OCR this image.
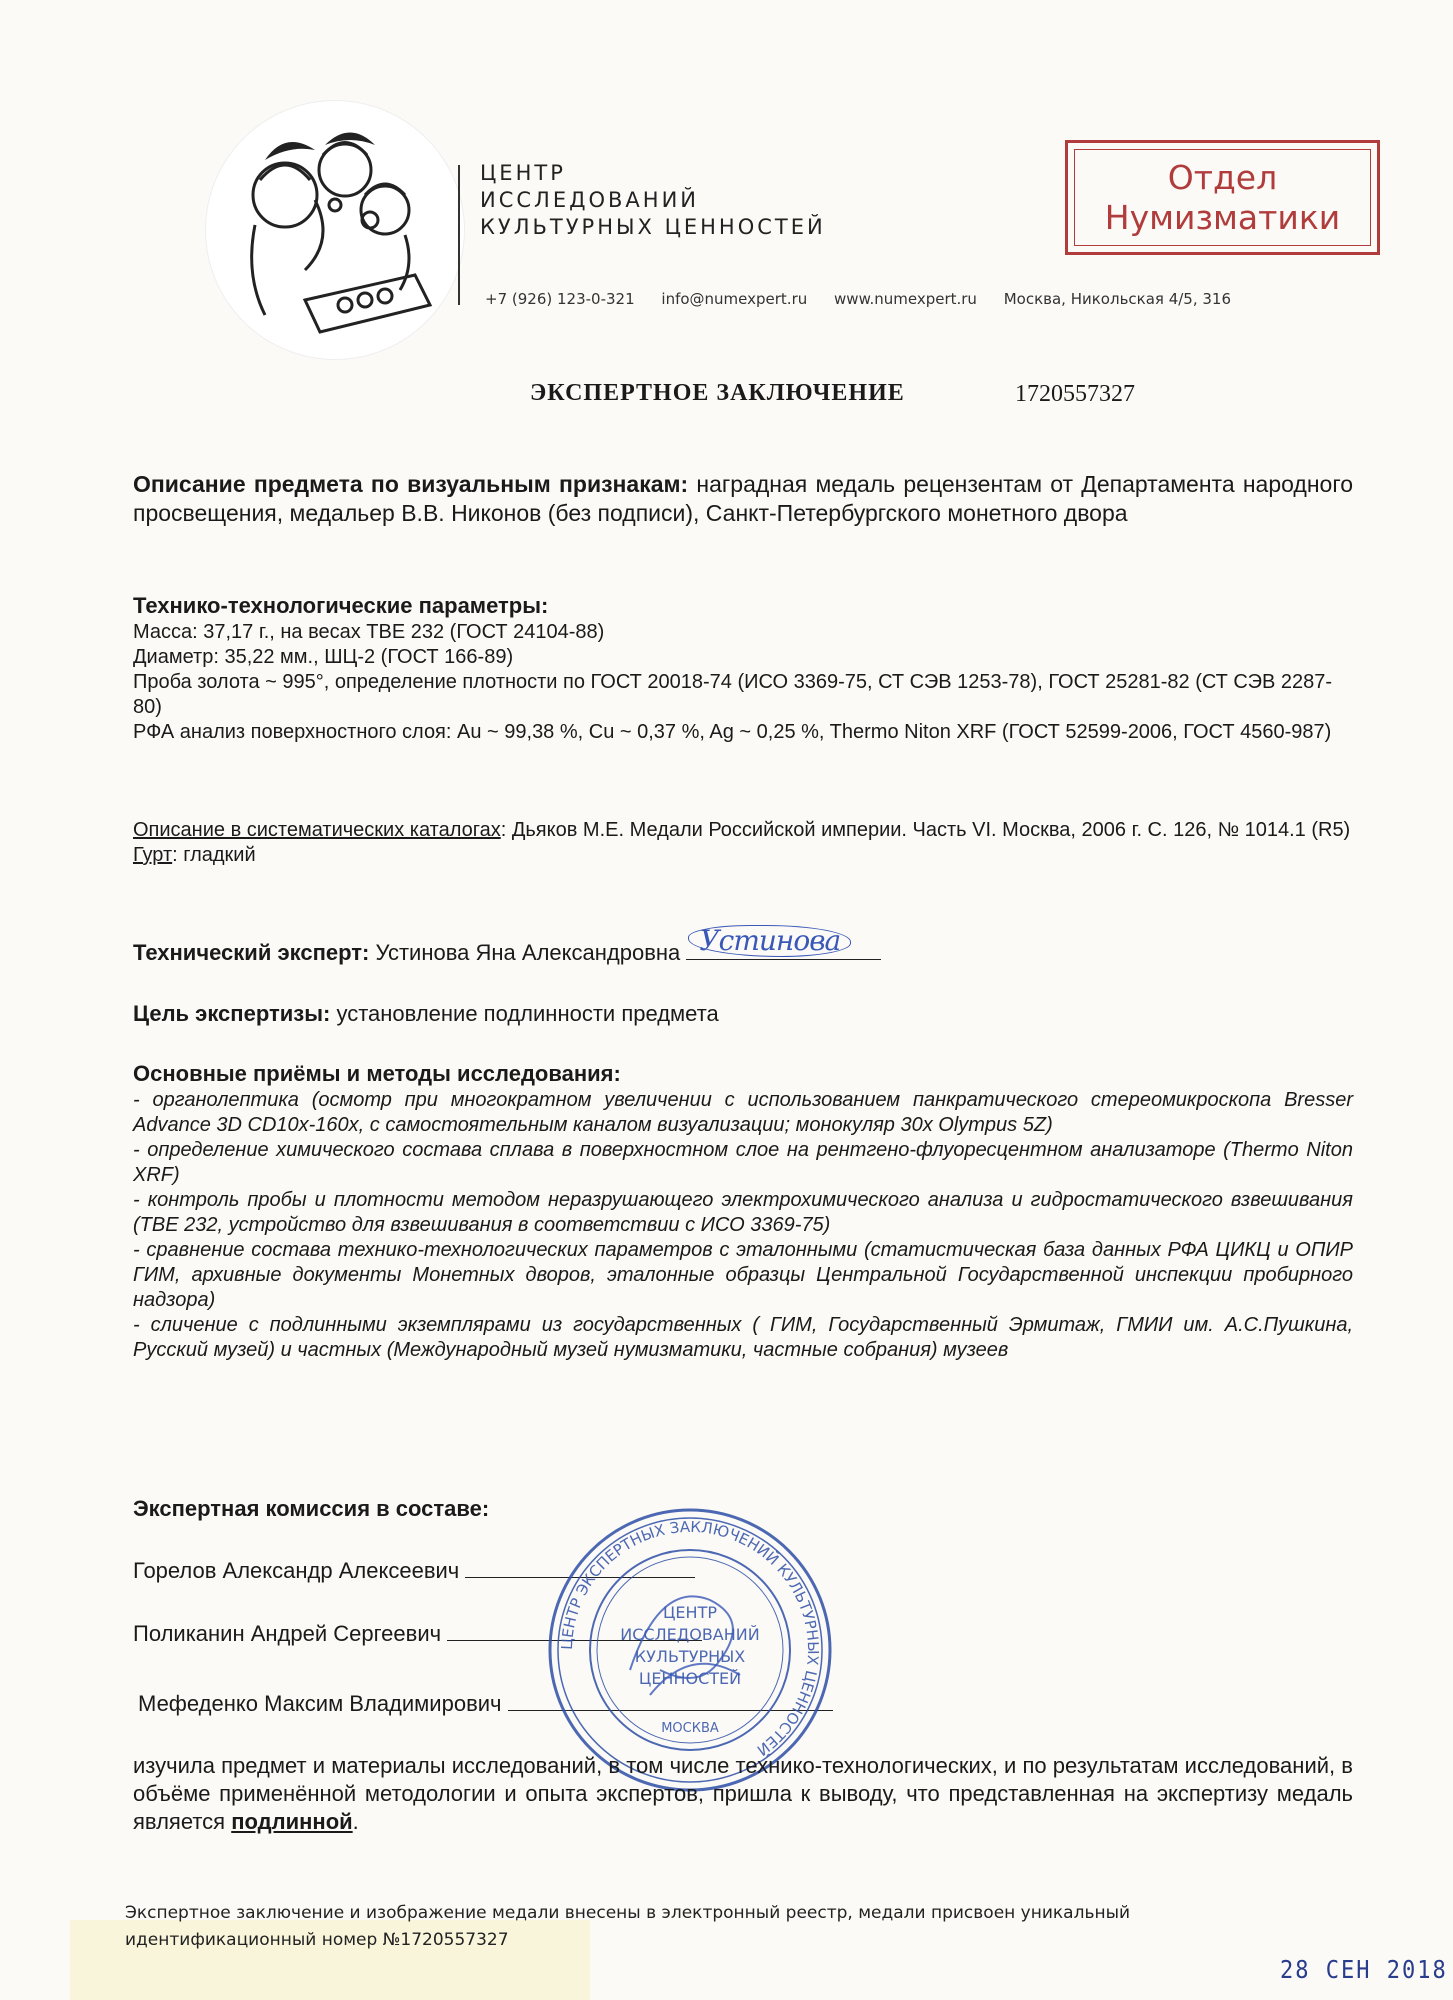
ЦЕНТР
ИССЛЕДОВАНИЙ
КУЛЬТУРНЫХ ЦЕННОСТЕЙ
Отдел
Нумизматики
+7 (926) 123-0-321 info@numexpert.ru www.numexpert.ru Москва, Никольская 4/5, 316
ЭКСПЕРТНОЕ ЗАКЛЮЧЕНИЕ	1720557327
Описание предмета по визуальным признакам: наградная медаль рецензентам от Департамента народного просвещения, медальер В.В. Никонов (без подписи), Санкт-Петербургского монетного двора
Технико-технологические параметры:
Масса: 37,17 г., на весах ТВЕ 232 (ГОСТ 24104-88)
Диаметр: 35,22 мм., ШЦ-2 (ГОСТ 166-89)
Проба золота ~ 995°, определение плотности по ГОСТ 20018-74 (ИСО 3369-75, СТ СЭВ 1253-78), ГОСТ 25281-82 (СТ СЭВ 2287-80)
РФА анализ поверхностного слоя: Au ~ 99,38 %, Cu ~ 0,37 %, Ag ~ 0,25 %, Thermo Niton XRF (ГОСТ 52599-2006, ГОСТ 4560-987)
Описание в систематических каталогах: Дьяков М.Е. Медали Российской империи. Часть VI. Москва, 2006 г. С. 126, № 1014.1 (R5)
Гурт: гладкий
Технический эксперт: Устинова Яна Александровна Устинова
Цель экспертизы: установление подлинности предмета
Основные приёмы и методы исследования:
- органолептика (осмотр при многократном увеличении с использованием панкратического стереомикроскопа Bresser Advance 3D CD10x-160x, с самостоятельным каналом визуализации; монокуляр 30x Olympus 5Z)
- определение химического состава сплава в поверхностном слое на рентгено-флуоресцентном анализаторе (Thermo Niton XRF)
- контроль пробы и плотности методом неразрушающего электрохимического анализа и гидростатического взвешивания (ТВЕ 232, устройство для взвешивания в соответствии с ИСО 3369-75)
- сравнение состава технико-технологических параметров с эталонными (статистическая база данных РФА ЦИКЦ и ОПИР ГИМ, архивные документы Монетных дворов, эталонные образцы Центральной Государственной инспекции пробирного надзора)
- сличение с подлинными экземплярами из государственных ( ГИМ, Государственный Эрмитаж, ГМИИ им. А.С.Пушкина, Русский музей) и частных (Международный музей нумизматики, частные собрания) музеев
Экспертная комиссия в составе:
Горелов Александр Алексеевич
Поликанин Андрей Сергеевич
Мефеденко Максим Владимирович
ЦЕНТР ЭКСПЕРТНЫХ ЗАКЛЮЧЕНИЙ КУЛЬТУРНЫХ ЦЕННОСТЕЙ
ЦЕНТР
ИССЛЕДОВАНИЙ
КУЛЬТУРНЫХ
ЦЕННОСТЕЙ
МОСКВА
изучила предмет и материалы исследований, в том числе технико-технологических, и по результатам исследований, в объёме применённой методологии и опыта экспертов, пришла к выводу, что представленная на экспертизу медаль является подлинной.
Экспертное заключение и изображение медали внесены в электронный реестр, медали присвоен уникальный
идентификационный номер №1720557327
28 СЕН 2018
